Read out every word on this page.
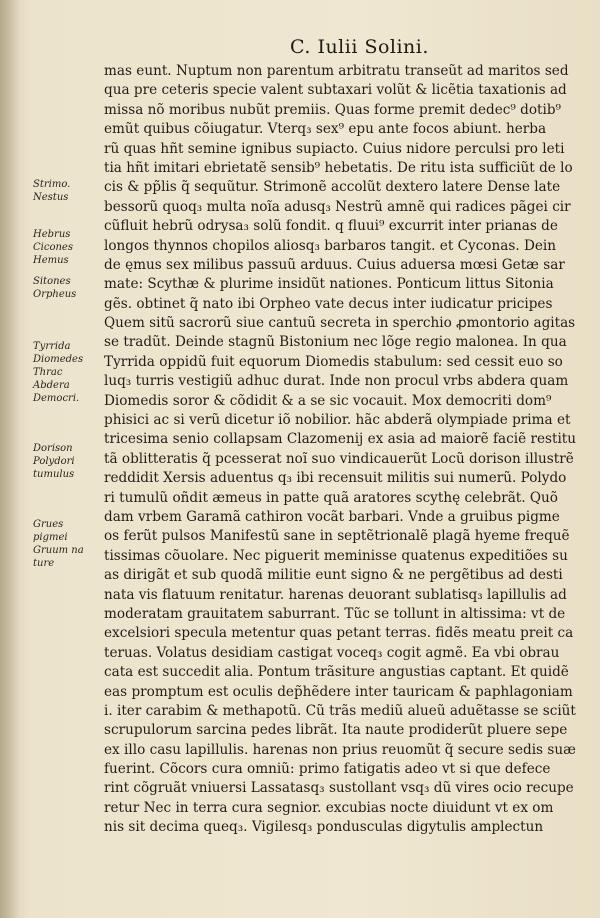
C. Iulii Solini.
mas eunt. Nuptum non parentum arbitratu transeũt ad maritos sed
qua pre ceteris specie valent subtaxari volũt & licẽtia taxationis ad
missa nõ moribus nubũt premiis. Quas forme premit dedec⁹ dotib⁹
emũt quibus cõiugatur. Vterq₃ sex⁹ epu ante focos abiunt. herba
rũ quas hñt semine ignibus supiacto. Cuius nidore perculsi pro leti
tia hñt imitari ebrietatẽ sensib⁹ hebetatis. De ritu ista sufficiũt de lo
cis & pp̃lis q̃ sequũtur. Strimonẽ accolũt dextero latere Dense late
bessorũ quoq₃ multa noĩa adusq₃ Nestrũ amnẽ qui radices pãgei cir
cũfluit hebrũ odrysa₃ solũ fondit. q fluui⁹ excurrit inter prianas de
longos thynnos chopilos aliosq₃ barbaros tangit. et Cyconas. Dein
de ęmus sex milibus passuũ arduus. Cuius aduersa mœsi Getæ sar
mate: Scythæ & plurime insidũt nationes. Ponticum littus Sitonia
gẽs. obtinet q̃ nato ibi Orpheo vate decus inter iudicatur pricipes
Quem sitũ sacrorũ siue cantuũ secreta in sperchio ꝓmontorio agitas
se tradũt. Deinde stagnũ Bistonium nec lõge regio malonea. In qua
Tyrrida oppidũ fuit equorum Diomedis stabulum: sed cessit euo so
luq₃ turris vestigiũ adhuc durat. Inde non procul vrbs abdera quam
Diomedis soror & cõdidit & a se sic vocauit. Mox democriti dom⁹
phisici ac si verũ dicetur iõ nobilior. hãc abderã olympiade prima et
tricesima senio collapsam Clazomenij ex asia ad maiorẽ faciẽ restitu
tã oblitteratis q̃ pcesserat noĩ suo vindicauerũt Locũ dorison illustrẽ
reddidit Xersis aduentus q₃ ibi recensuit militis sui numerũ. Polydo
ri tumulũ oñdit æmeus in patte quã aratores scythę celebrãt. Quõ
dam vrbem Garamã cathiron vocãt barbari. Vnde a gruibus pigme
os ferũt pulsos Manifestũ sane in septẽtrionalẽ plagã hyeme frequẽ
tissimas cõuolare. Nec piguerit meminisse quatenus expeditiões su
as dirigãt et sub quodã militie eunt signo & ne pergẽtibus ad desti
nata vis flatuum renitatur. harenas deuorant sublatisq₃ lapillulis ad
moderatam grauitatem saburrant. Tũc se tollunt in altissima: vt de
excelsiori specula metentur quas petant terras. fidẽs meatu preit ca
teruas. Volatus desidiam castigat voceq₃ cogit agmẽ. Ea vbi obrau
cata est succedit alia. Pontum trãsiture angustias captant. Et quidẽ
eas promptum est oculis dep̃hẽdere inter tauricam & paphlagoniam
i. iter carabim & methapotũ. Cũ trãs mediũ alueũ aduẽtasse se sciũt
scrupulorum sarcina pedes librãt. Ita naute prodiderũt pluere sepe
ex illo casu lapillulis. harenas non prius reuomũt q̃ secure sedis suæ
fuerint. Cõcors cura omniũ: primo fatigatis adeo vt si que defece
rint cõgruãt vniuersi Lassatasq₃ sustollant vsq₃ dũ vires ocio recupe
retur Nec in terra cura segnior. excubias nocte diuidunt vt ex om
nis sit decima queq₃. Vigilesq₃ pondusculas digytulis amplectun
Strimo.
Nestus
Hebrus
Cicones
Hemus
Sitones
Orpheus
Tyrrida
Diomedes
Thrac
Abdera
Democri.
Dorison
Polydori
tumulus
Grues
pigmei
Gruum na
ture
